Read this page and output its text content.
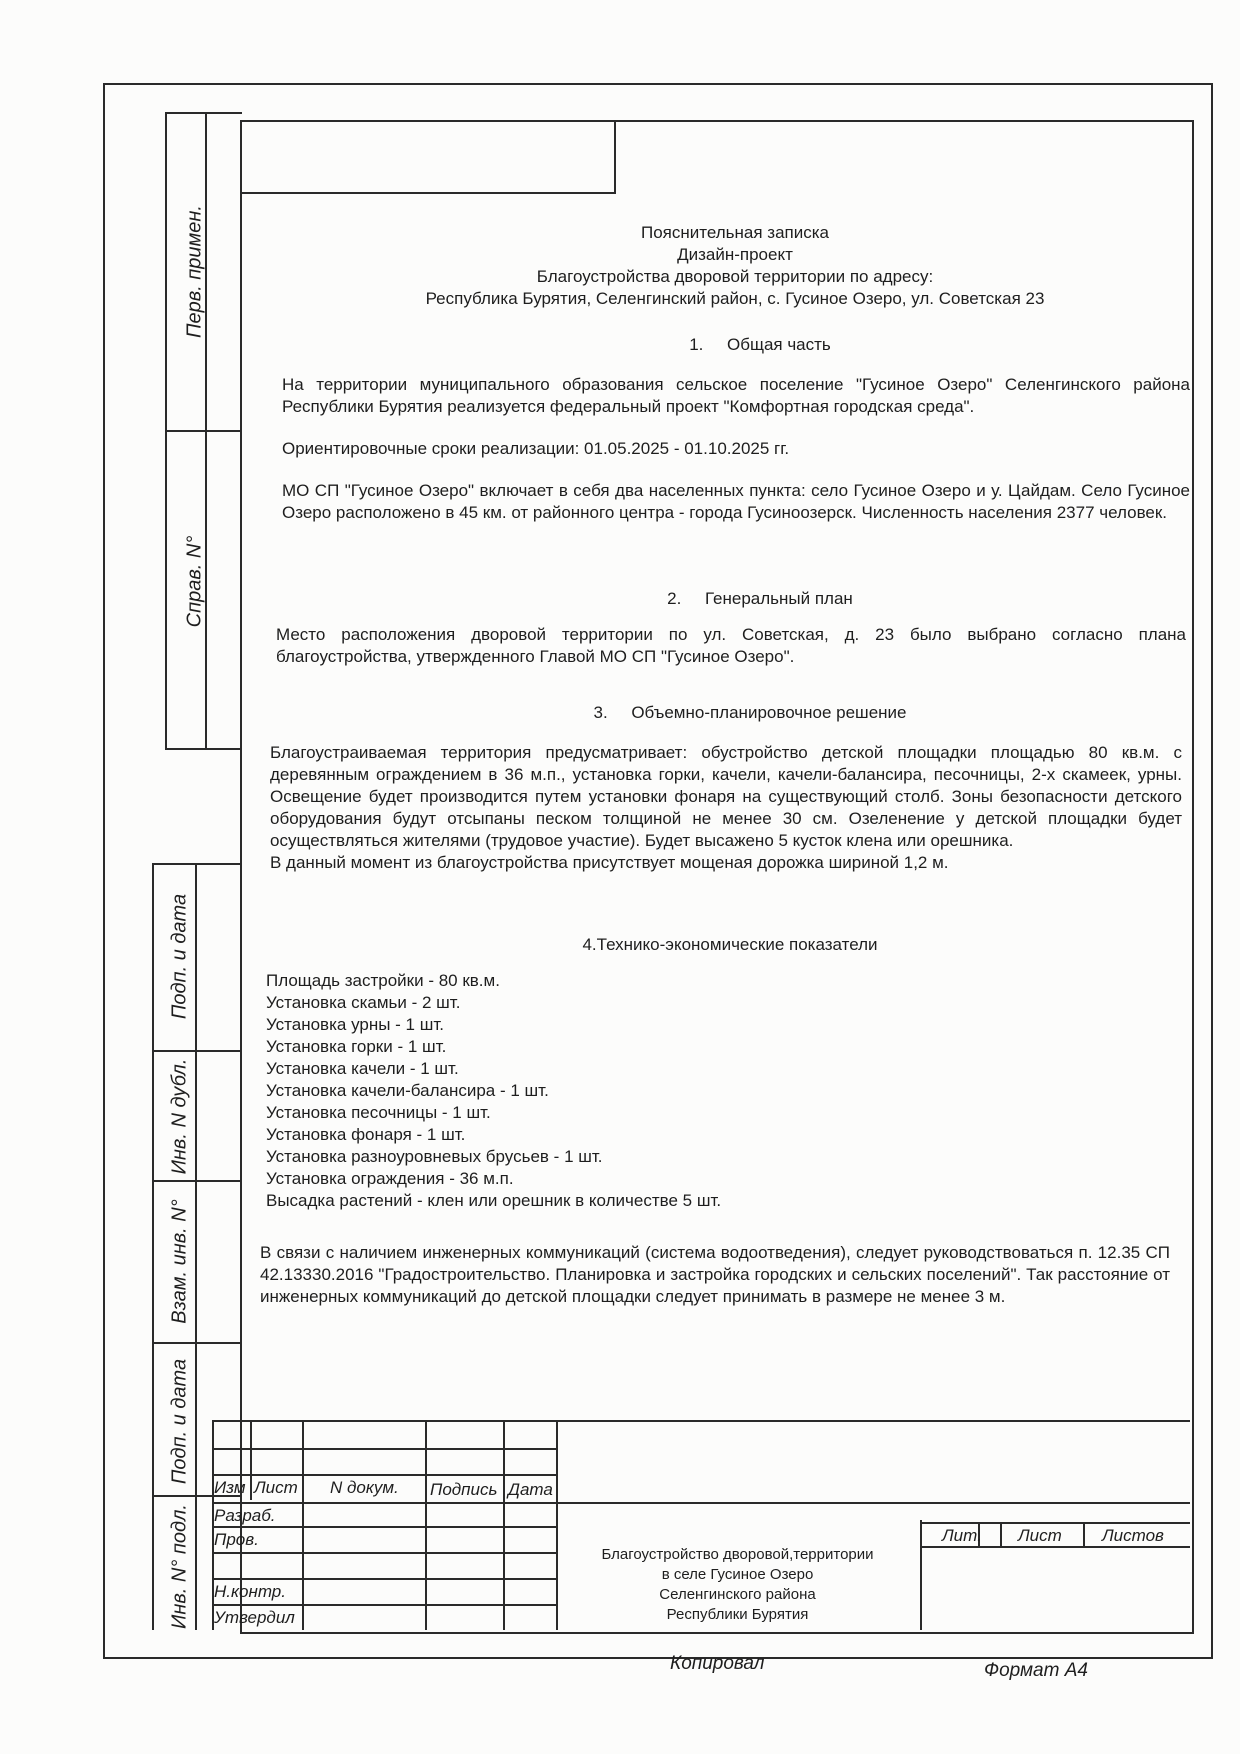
Перв. примен.
Справ. N°
Подп. и дата
Инв. N дубл.
Взам. инв. N°
Подп. и дата
Инв. N° подл.

Пояснительная записка

Дизайн-проект

Благоустройства дворовой территории по адресу:

Республика Бурятия, Селенгинский район, с. Гусиное Озеро, ул. Советская 23

1. Общая часть

На территории муниципального образования сельское поселение "Гусиное Озеро" Селенгинского района Республики Бурятия реализуется федеральный проект "Комфортная городская среда".

Ориентировочные сроки реализации: 01.05.2025 - 01.10.2025 гг.

МО СП "Гусиное Озеро" включает в себя два населенных пункта: село Гусиное Озеро и у. Цайдам. Село Гусиное Озеро расположено в 45 км. от районного центра - города Гусиноозерск. Численность населения 2377 человек.

2. Генеральный план

Место расположения дворовой территории по ул. Советская, д. 23 было выбрано согласно плана благоустройства, утвержденного Главой МО СП "Гусиное Озеро".

3. Объемно-планировочное решение

Благоустраиваемая территория предусматривает: обустройство детской площадки площадью 80 кв.м. с деревянным ограждением в 36 м.п., установка горки, качели, качели-балансира, песочницы, 2-х скамеек, урны. Освещение будет производится путем установки фонаря на существующий столб. Зоны безопасности детского оборудования будут отсыпаны песком толщиной не менее 30 см. Озеленение у детской площадки будет осуществляться жителями (трудовое участие). Будет высажено 5 кусток клена или орешника.

В данный момент из благоустройства присутствует мощеная дорожка шириной 1,2 м.

4.Технико-экономические показатели

Площадь застройки - 80 кв.м.

Установка скамьи - 2 шт.

Установка урны - 1 шт.

Установка горки - 1 шт.

Установка качели - 1 шт.

Установка качели-балансира - 1 шт.

Установка песочницы - 1 шт.

Установка фонаря - 1 шт.

Установка разноуровневых брусьев - 1 шт.

Установка ограждения - 36 м.п.

Высадка растений - клен или орешник в количестве 5 шт.

В связи с наличием инженерных коммуникаций (система водоотведения), следует руководствоваться п. 12.35 СП 42.13330.2016 "Градостроительство. Планировка и застройка городских и сельских поселений". Так расстояние от инженерных коммуникаций до детской площадки следует принимать в размере не менее 3 м.
Изм Лист N докум. Подпись Дата
Разраб.
Пров.
Н.контр.
Утвердил
Благоустройство дворовой,территории
в селе Гусиное Озеро
Селенгинского района
Республики Бурятия
Лит. Лист Листов
Копировал	Формат А4
